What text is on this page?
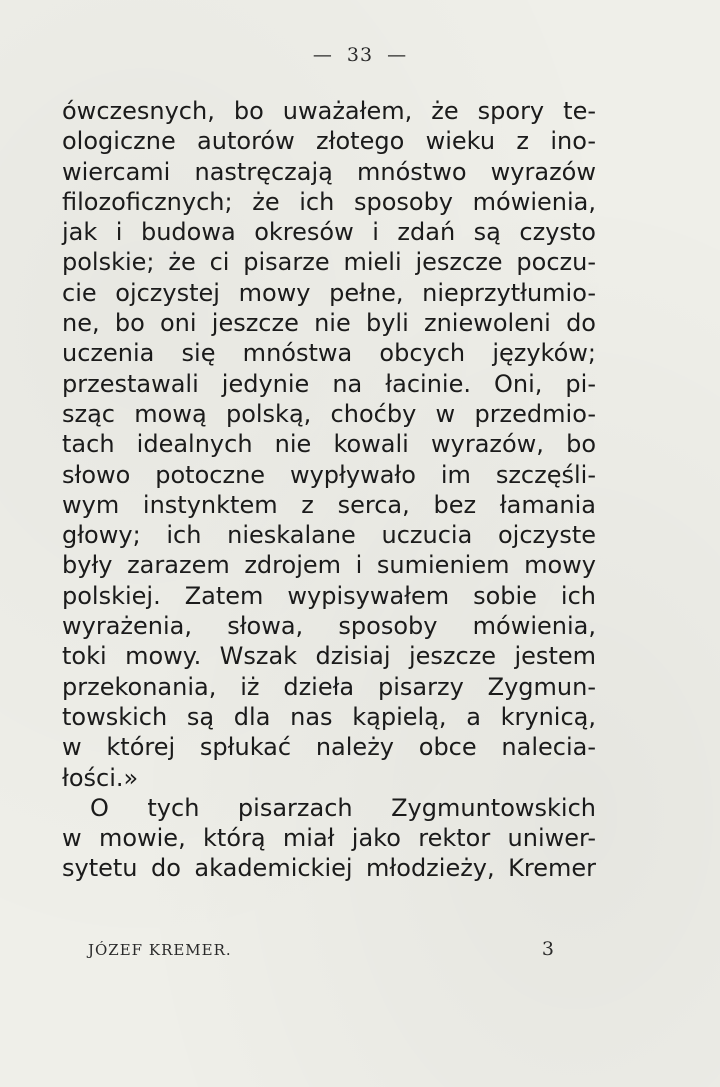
— 33 —
ówczesnych, bo uważałem, że spory te-
ologiczne autorów złotego wieku z ino-
wiercami nastręczają mnóstwo wyrazów
filozoficznych; że ich sposoby mówienia,
jak i budowa okresów i zdań są czysto
polskie; że ci pisarze mieli jeszcze poczu-
cie ojczystej mowy pełne, nieprzytłumio-
ne, bo oni jeszcze nie byli zniewoleni do
uczenia się mnóstwa obcych języków;
przestawali jedynie na łacinie. Oni, pi-
sząc mową polską, choćby w przedmio-
tach idealnych nie kowali wyrazów, bo
słowo potoczne wypływało im szczęśli-
wym instynktem z serca, bez łamania
głowy; ich nieskalane uczucia ojczyste
były zarazem zdrojem i sumieniem mowy
polskiej. Zatem wypisywałem sobie ich
wyrażenia, słowa, sposoby mówienia,
toki mowy. Wszak dzisiaj jeszcze jestem
przekonania, iż dzieła pisarzy Zygmun-
towskich są dla nas kąpielą, a krynicą,
w której spłukać należy obce nalecia-
łości.»
O tych pisarzach Zygmuntowskich
w mowie, którą miał jako rektor uniwer-
sytetu do akademickiej młodzieży, Kremer
JÓZEF KREMER.	3
